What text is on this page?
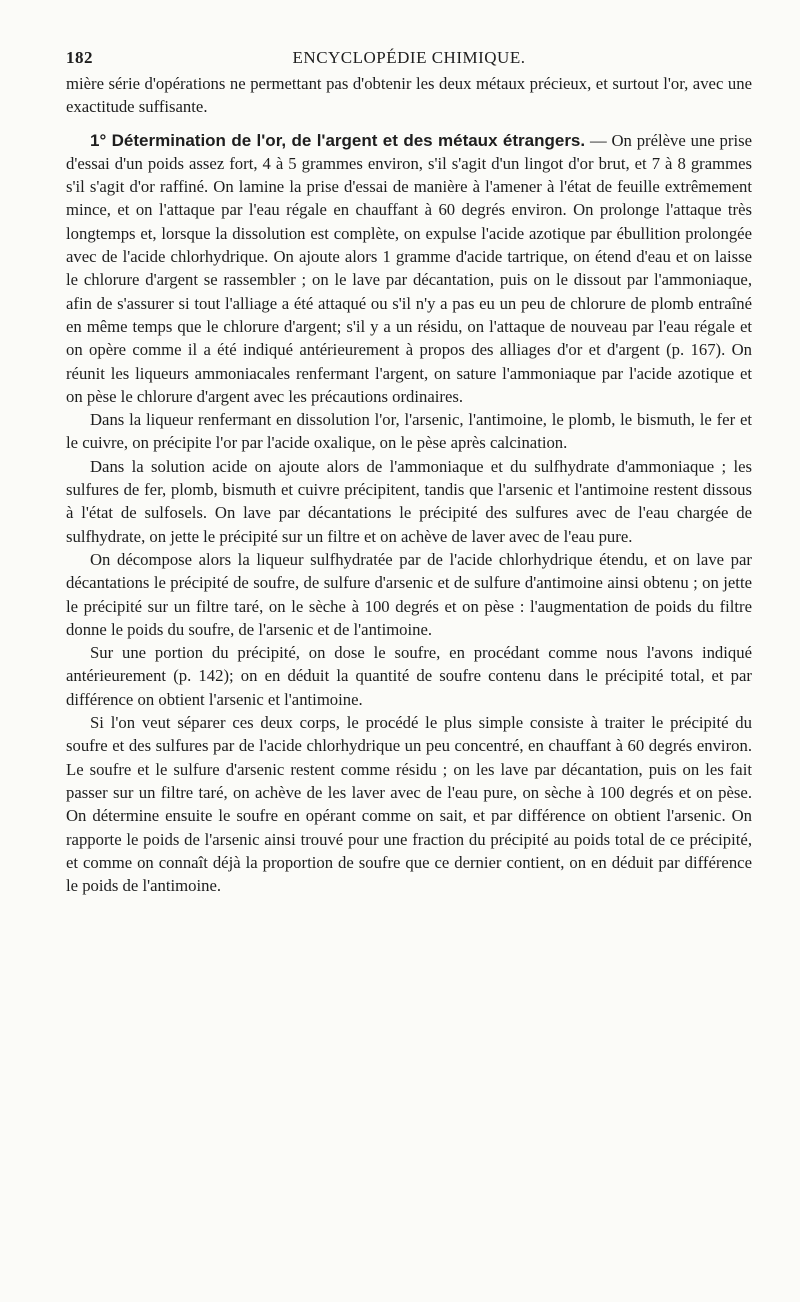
182	ENCYCLOPÉDIE CHIMIQUE.

mière série d'opérations ne permettant pas d'obtenir les deux métaux précieux, et surtout l'or, avec une exactitude suffisante.

1° Détermination de l'or, de l'argent et des métaux étrangers. — On prélève une prise d'essai d'un poids assez fort, 4 à 5 grammes environ, s'il s'agit d'un lingot d'or brut, et 7 à 8 grammes s'il s'agit d'or raffiné. On lamine la prise d'essai de manière à l'amener à l'état de feuille extrêmement mince, et on l'attaque par l'eau régale en chauffant à 60 degrés environ. On prolonge l'attaque très longtemps et, lorsque la dissolution est complète, on expulse l'acide azotique par ébullition prolongée avec de l'acide chlorhydrique. On ajoute alors 1 gramme d'acide tartrique, on étend d'eau et on laisse le chlorure d'argent se rassembler ; on le lave par décantation, puis on le dissout par l'ammoniaque, afin de s'assurer si tout l'alliage a été attaqué ou s'il n'y a pas eu un peu de chlorure de plomb entraîné en même temps que le chlorure d'argent; s'il y a un résidu, on l'attaque de nouveau par l'eau régale et on opère comme il a été indiqué antérieurement à propos des alliages d'or et d'argent (p. 167). On réunit les liqueurs ammoniacales renfermant l'argent, on sature l'ammoniaque par l'acide azotique et on pèse le chlorure d'argent avec les précautions ordinaires.

Dans la liqueur renfermant en dissolution l'or, l'arsenic, l'antimoine, le plomb, le bismuth, le fer et le cuivre, on précipite l'or par l'acide oxalique, on le pèse après calcination.

Dans la solution acide on ajoute alors de l'ammoniaque et du sulfhydrate d'ammoniaque ; les sulfures de fer, plomb, bismuth et cuivre précipitent, tandis que l'arsenic et l'antimoine restent dissous à l'état de sulfosels. On lave par décantations le précipité des sulfures avec de l'eau chargée de sulfhydrate, on jette le précipité sur un filtre et on achève de laver avec de l'eau pure.

On décompose alors la liqueur sulfhydratée par de l'acide chlorhydrique étendu, et on lave par décantations le précipité de soufre, de sulfure d'arsenic et de sulfure d'antimoine ainsi obtenu ; on jette le précipité sur un filtre taré, on le sèche à 100 degrés et on pèse : l'augmentation de poids du filtre donne le poids du soufre, de l'arsenic et de l'antimoine.

Sur une portion du précipité, on dose le soufre, en procédant comme nous l'avons indiqué antérieurement (p. 142); on en déduit la quantité de soufre contenu dans le précipité total, et par différence on obtient l'arsenic et l'antimoine.

Si l'on veut séparer ces deux corps, le procédé le plus simple consiste à traiter le précipité du soufre et des sulfures par de l'acide chlorhydrique un peu concentré, en chauffant à 60 degrés environ. Le soufre et le sulfure d'arsenic restent comme résidu ; on les lave par décantation, puis on les fait passer sur un filtre taré, on achève de les laver avec de l'eau pure, on sèche à 100 degrés et on pèse. On détermine ensuite le soufre en opérant comme on sait, et par différence on obtient l'arsenic. On rapporte le poids de l'arsenic ainsi trouvé pour une fraction du précipité au poids total de ce précipité, et comme on connaît déjà la proportion de soufre que ce dernier contient, on en déduit par différence le poids de l'antimoine.
